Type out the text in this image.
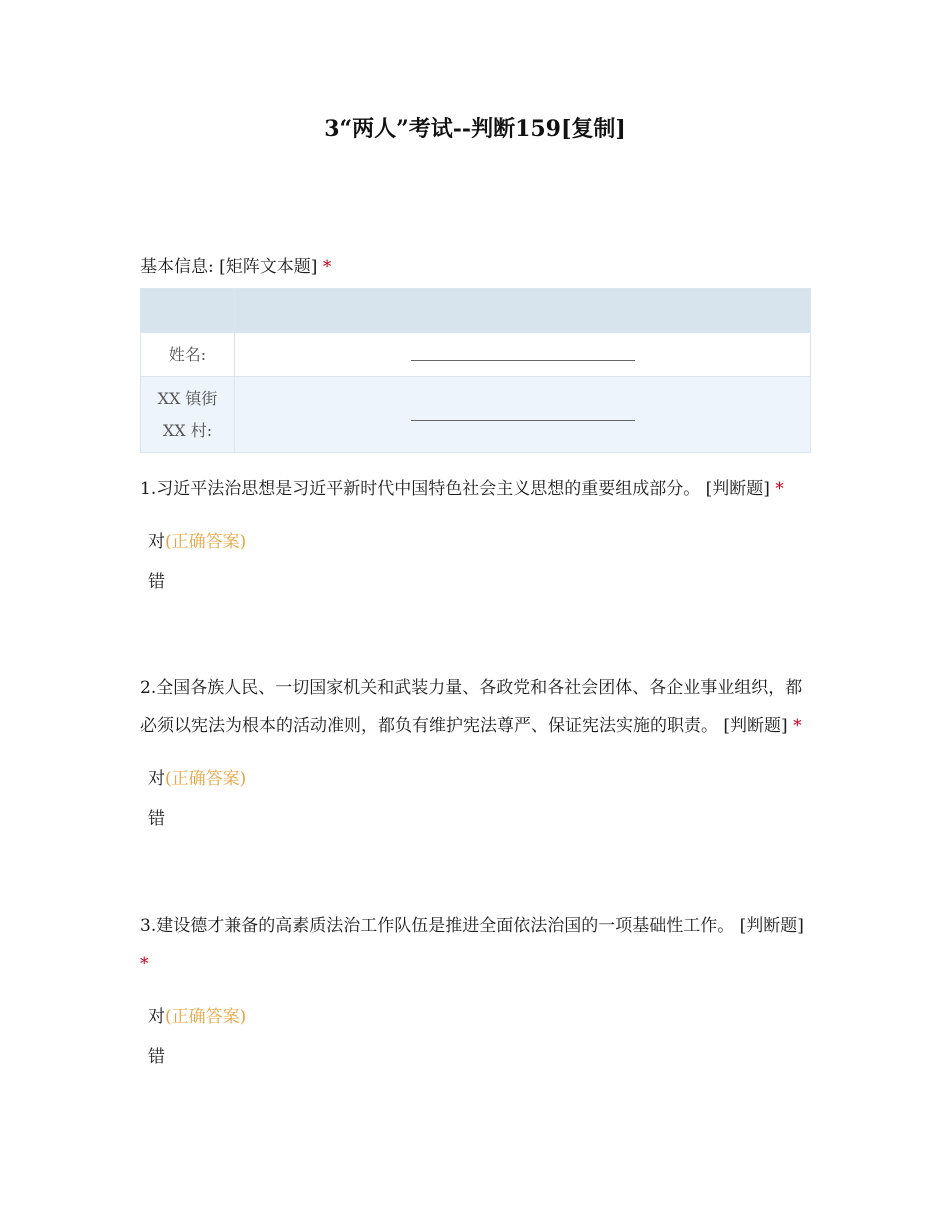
3“两人”考试--判断159[复制]
基本信息: [矩阵文本题] *

姓名:	

XX 镇街
XX 村:	

1.习近平法治思想是习近平新时代中国特色社会主义思想的重要组成部分。 [判断题] *
对(正确答案)
错
2.全国各族人民、一切国家机关和武装力量、各政党和各社会团体、各企业事业组织，都必须以宪法为根本的活动准则，都负有维护宪法尊严、保证宪法实施的职责。 [判断题] *
对(正确答案)
错
3.建设德才兼备的高素质法治工作队伍是推进全面依法治国的一项基础性工作。 [判断题] *
对(正确答案)
错
